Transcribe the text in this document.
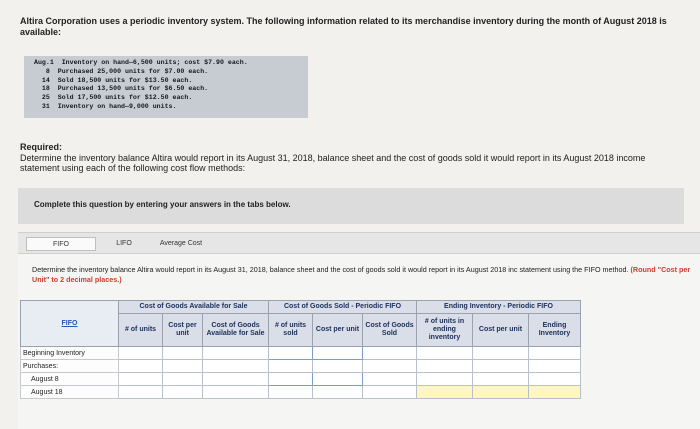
Altira Corporation uses a periodic inventory system. The following information related to its merchandise inventory during the month of August 2018 is available:
Aug.1  Inventory on hand—6,500 units; cost $7.90 each.
8  Purchased 25,000 units for $7.00 each.
14  Sold 18,500 units for $13.50 each.
18  Purchased 13,500 units for $6.50 each.
25  Sold 17,500 units for $12.50 each.
31  Inventory on hand—9,000 units.
Required:
Determine the inventory balance Altira would report in its August 31, 2018, balance sheet and the cost of goods sold it would report in its August 2018 income statement using each of the following cost flow methods:
Complete this question by entering your answers in the tabs below.
FIFO	LIFO	Average Cost
Determine the inventory balance Altira would report in its August 31, 2018, balance sheet and the cost of goods sold it would report in its August 2018 inc statement using the FIFO method. (Round "Cost per Unit" to 2 decimal places.)
FIFO	Cost of Goods Available for Sale			Cost of Goods Sold - Periodic FIFO			Ending Inventory - Periodic FIFO		
	# of units	Cost per unit	Cost of Goods Available for Sale	# of units sold	Cost per unit	Cost of Goods Sold	# of units in ending inventory	Cost per unit	Ending Inventory
Beginning Inventory									
Purchases:									
August 8									
August 18									
